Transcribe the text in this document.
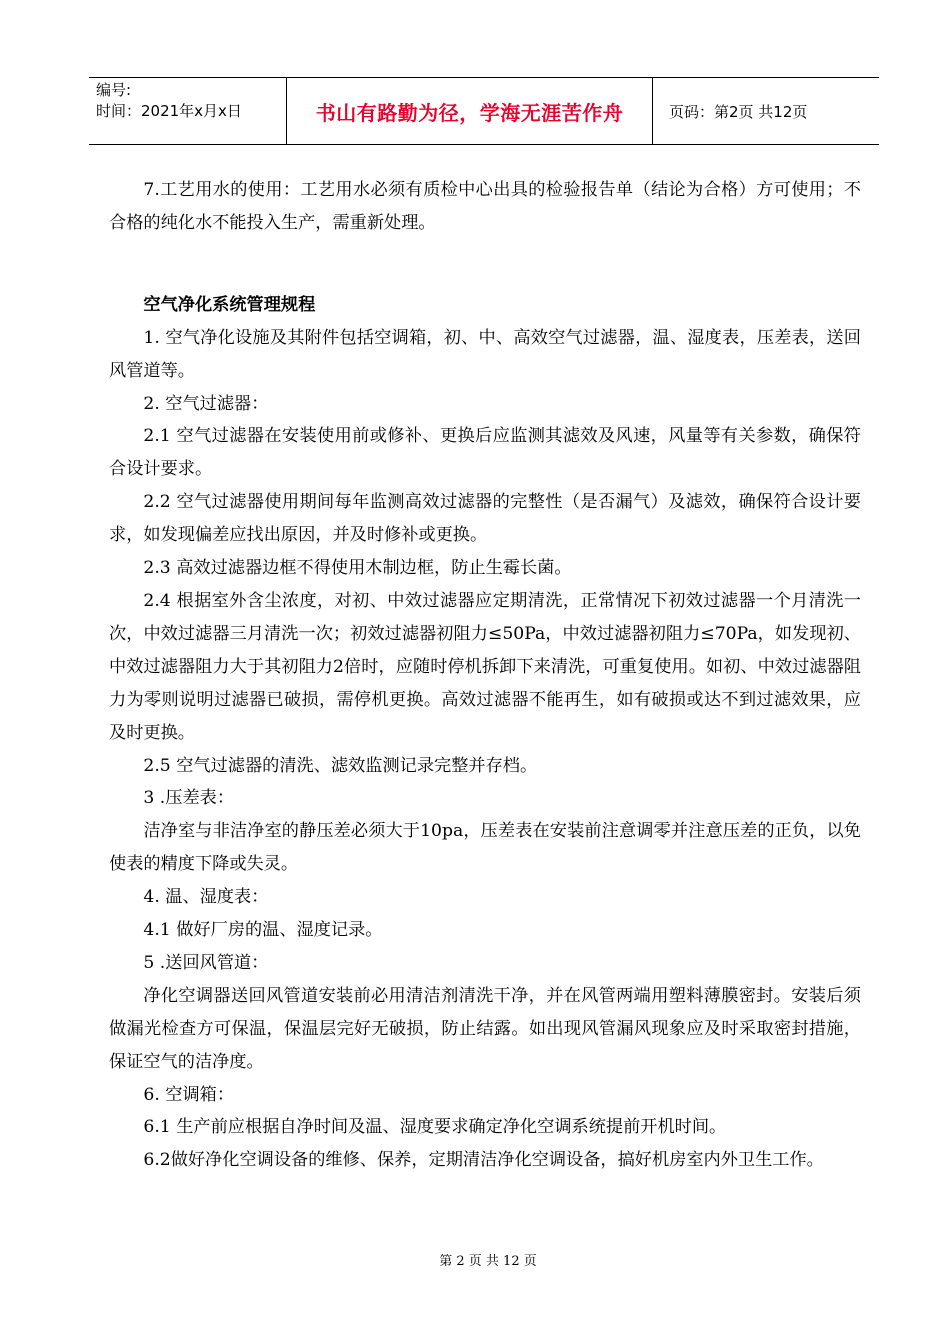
编号:
时间：2021年x月x日	书山有路勤为径，学海无涯苦作舟	页码：第2页 共12页

7.工艺用水的使用：工艺用水必须有质检中心出具的检验报告单（结论为合格）方可使用；不合格的纯化水不能投入生产，需重新处理。

空气净化系统管理规程

1. 空气净化设施及其附件包括空调箱，初、中、高效空气过滤器，温、湿度表，压差表，送回风管道等。

2. 空气过滤器：

2.1 空气过滤器在安装使用前或修补、更换后应监测其滤效及风速，风量等有关参数，确保符合设计要求。

2.2 空气过滤器使用期间每年监测高效过滤器的完整性（是否漏气）及滤效，确保符合设计要求，如发现偏差应找出原因，并及时修补或更换。

2.3 高效过滤器边框不得使用木制边框，防止生霉长菌。

2.4 根据室外含尘浓度，对初、中效过滤器应定期清洗，正常情况下初效过滤器一个月清洗一次，中效过滤器三月清洗一次；初效过滤器初阻力≤50Pa，中效过滤器初阻力≤70Pa，如发现初、中效过滤器阻力大于其初阻力2倍时，应随时停机拆卸下来清洗，可重复使用。如初、中效过滤器阻力为零则说明过滤器已破损，需停机更换。高效过滤器不能再生，如有破损或达不到过滤效果，应及时更换。

2.5 空气过滤器的清洗、滤效监测记录完整并存档。

3 .压差表：

洁净室与非洁净室的静压差必须大于10pa，压差表在安装前注意调零并注意压差的正负，以免使表的精度下降或失灵。

4. 温、湿度表：

4.1 做好厂房的温、湿度记录。

5 .送回风管道：

净化空调器送回风管道安装前必用清洁剂清洗干净，并在风管两端用塑料薄膜密封。安装后须做漏光检查方可保温，保温层完好无破损，防止结露。如出现风管漏风现象应及时采取密封措施，保证空气的洁净度。

6. 空调箱：

6.1 生产前应根据自净时间及温、湿度要求确定净化空调系统提前开机时间。

6.2做好净化空调设备的维修、保养，定期清洁净化空调设备，搞好机房室内外卫生工作。

第 2 页 共 12 页
